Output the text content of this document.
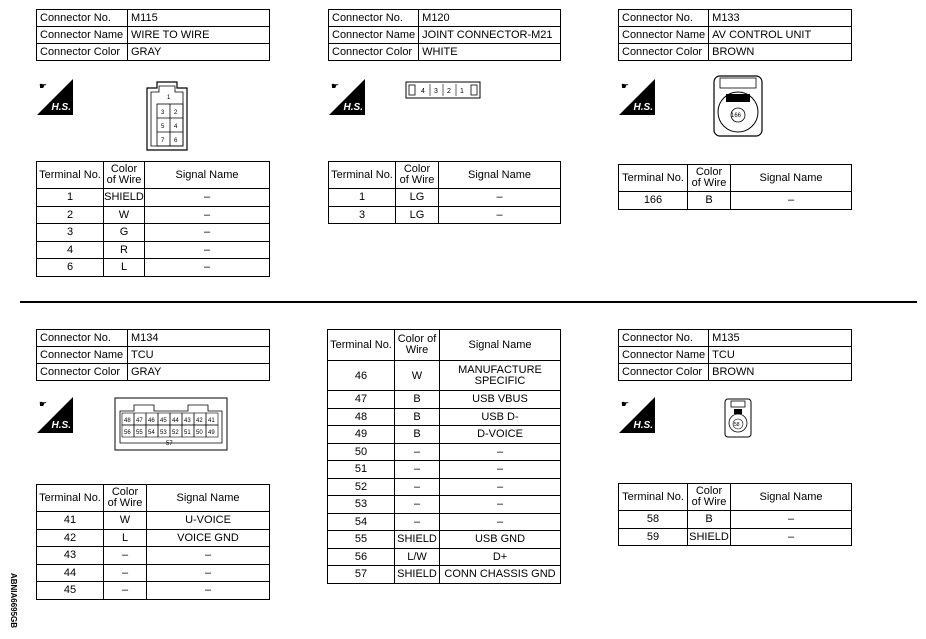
Connector No.	M115
Connector Name	WIRE TO WIRE
Connector Color	GRAY
☛
H.S.
1
3 2
5 4
7 6
Terminal No.	Color of Wire	Signal Name
1	SHIELD	–
2	W	–
3	G	–
4	R	–
6	L	–
Connector No.	M120
Connector Name	JOINT CONNECTOR-M21
Connector Color	WHITE
☛
H.S.
4 3 2 1
Terminal No.	Color of Wire	Signal Name
1	LG	–
3	LG	–
Connector No.	M133
Connector Name	AV CONTROL UNIT
Connector Color	BROWN
☛
H.S.
166
Terminal No.	Color of Wire	Signal Name
166	B	–
Connector No.	M134
Connector Name	TCU
Connector Color	GRAY
☛
H.S.	48 47 46 45 44 43 42 41
56 55 54 53 52 51 50 49
57
Terminal No.	Color of Wire	Signal Name
41	W	U-VOICE
42	L	VOICE GND
43	–	–
44	–	–
45	–	–
Terminal No.	Color of Wire	Signal Name
46	W	MANUFACTURE SPECIFIC
47	B	USB VBUS
48	B	USB D-
49	B	D-VOICE
50	–	–
51	–	–
52	–	–
53	–	–
54	–	–
55	SHIELD	USB GND
56	L/W	D+
57	SHIELD	CONN CHASSIS GND
Connector No.	M135
Connector Name	TCU
Connector Color	BROWN
☛
H.S.	58
Terminal No.	Color of Wire	Signal Name
58	B	–
59	SHIELD	–
ABNIA6695GB
